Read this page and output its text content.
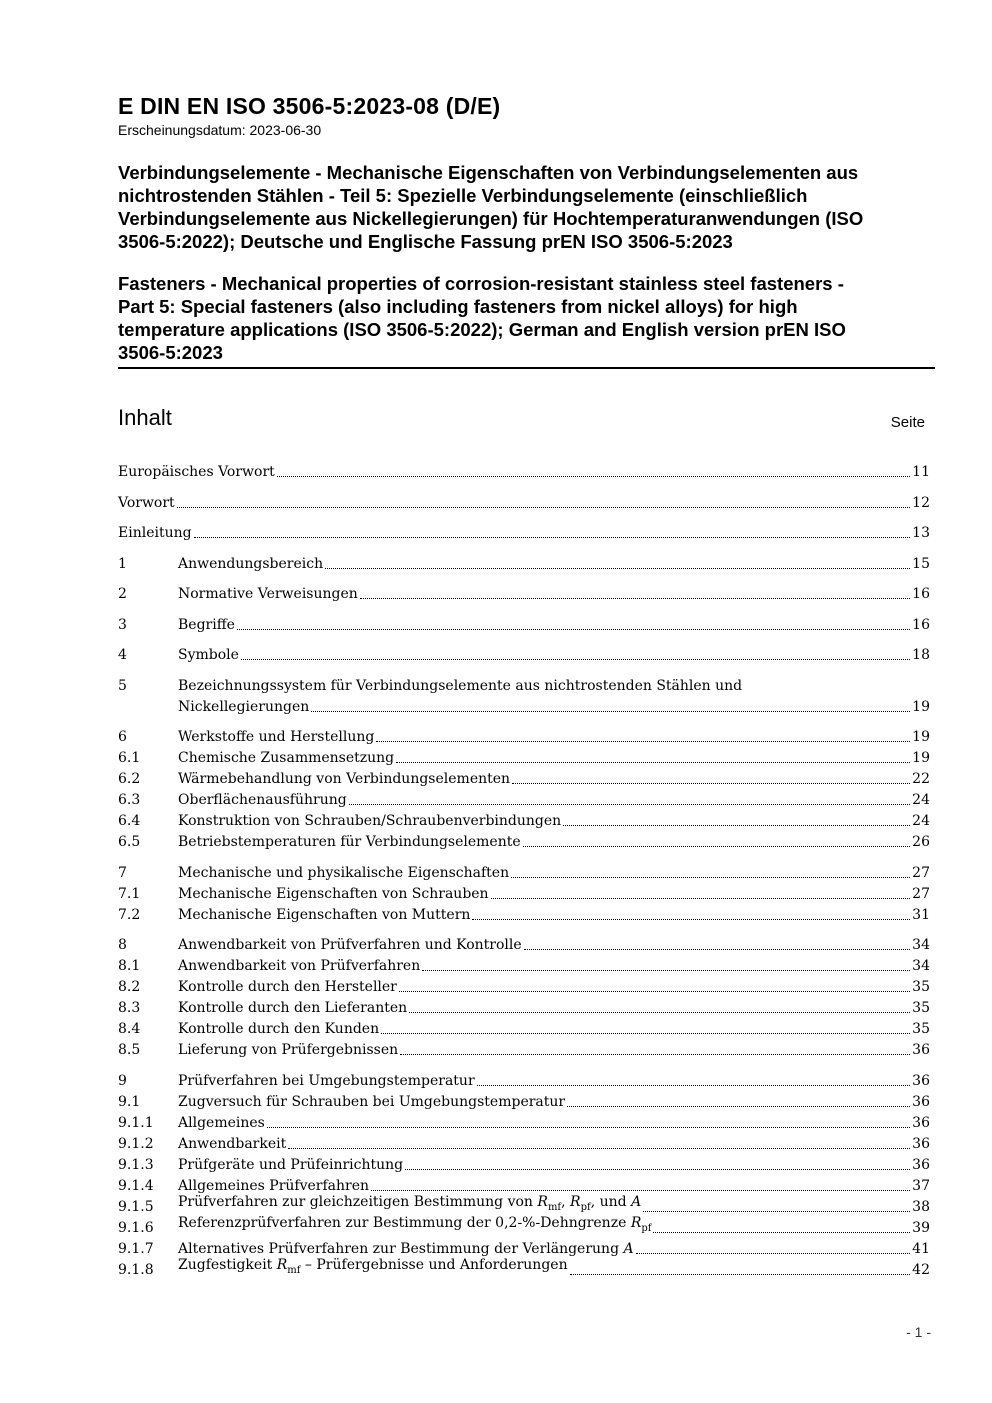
E DIN EN ISO 3506-5:2023-08 (D/E)
Erscheinungsdatum: 2023-06-30
Verbindungselemente - Mechanische Eigenschaften von Verbindungselementen aus
nichtrostenden Stählen - Teil 5: Spezielle Verbindungselemente (einschließlich
Verbindungselemente aus Nickellegierungen) für Hochtemperaturanwendungen (ISO
3506-5:2022); Deutsche und Englische Fassung prEN ISO 3506-5:2023
Fasteners - Mechanical properties of corrosion-resistant stainless steel fasteners -
Part 5: Special fasteners (also including fasteners from nickel alloys) for high
temperature applications (ISO 3506-5:2022); German and English version prEN ISO
3506-5:2023
Inhalt	Seite
Europäisches Vorwort	11
Vorwort	12
Einleitung	13
1	Anwendungsbereich	15
2	Normative Verweisungen	16
3	Begriffe	16
4	Symbole	18
5	Bezeichnungssystem für Verbindungselemente aus nichtrostenden Stählen und
Nickellegierungen	19
6	Werkstoffe und Herstellung	19
6.1	Chemische Zusammensetzung	19
6.2	Wärmebehandlung von Verbindungselementen	22
6.3	Oberflächenausführung	24
6.4	Konstruktion von Schrauben/Schraubenverbindungen	24
6.5	Betriebstemperaturen für Verbindungselemente	26
7	Mechanische und physikalische Eigenschaften	27
7.1	Mechanische Eigenschaften von Schrauben	27
7.2	Mechanische Eigenschaften von Muttern	31
8	Anwendbarkeit von Prüfverfahren und Kontrolle	34
8.1	Anwendbarkeit von Prüfverfahren	34
8.2	Kontrolle durch den Hersteller	35
8.3	Kontrolle durch den Lieferanten	35
8.4	Kontrolle durch den Kunden	35
8.5	Lieferung von Prüfergebnissen	36
9	Prüfverfahren bei Umgebungstemperatur	36
9.1	Zugversuch für Schrauben bei Umgebungstemperatur	36
9.1.1 Allgemeines	36
9.1.2 Anwendbarkeit	36
9.1.3 Prüfgeräte und Prüfeinrichtung	36
9.1.4 Allgemeines Prüfverfahren	37
9.1.5 Prüfverfahren zur gleichzeitigen Bestimmung von $R_{mf}$, $R_{pf}$, und A	38
9.1.6 Referenzprüfverfahren zur Bestimmung der 0,2-%-Dehngrenze $R_{pf}$	39
9.1.7 Alternatives Prüfverfahren zur Bestimmung der Verlängerung A	41
9.1.8 Zugfestigkeit $R_{mf}$ – Prüfergebnisse und Anforderungen	42
- 1 -
